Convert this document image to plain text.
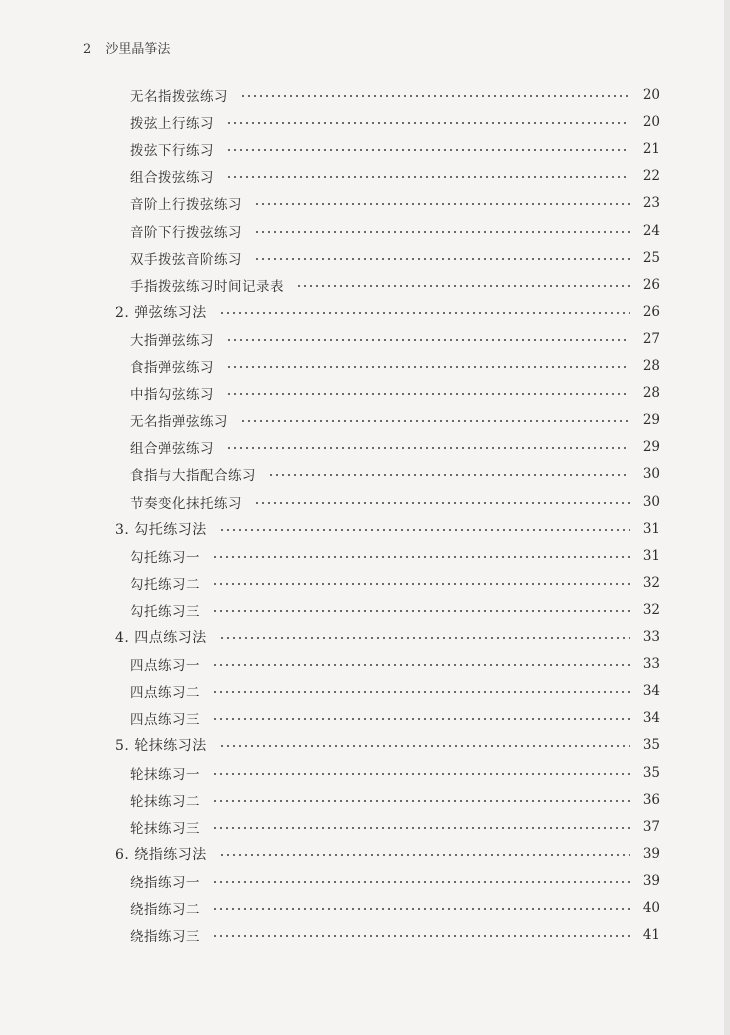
2 沙里晶筝法
无名指拨弦练习	20
拨弦上行练习	20
拨弦下行练习	21
组合拨弦练习	22
音阶上行拨弦练习	23
音阶下行拨弦练习	24
双手拨弦音阶练习	25
手指拨弦练习时间记录表	26
2. 弹弦练习法	26
大指弹弦练习	27
食指弹弦练习	28
中指勾弦练习	28
无名指弹弦练习	29
组合弹弦练习	29
食指与大指配合练习	30
节奏变化抹托练习	30
3. 勾托练习法	31
勾托练习一	31
勾托练习二	32
勾托练习三	32
4. 四点练习法	33
四点练习一	33
四点练习二	34
四点练习三	34
5. 轮抹练习法	35
轮抹练习一	35
轮抹练习二	36
轮抹练习三	37
6. 绕指练习法	39
绕指练习一	39
绕指练习二	40
绕指练习三	41
